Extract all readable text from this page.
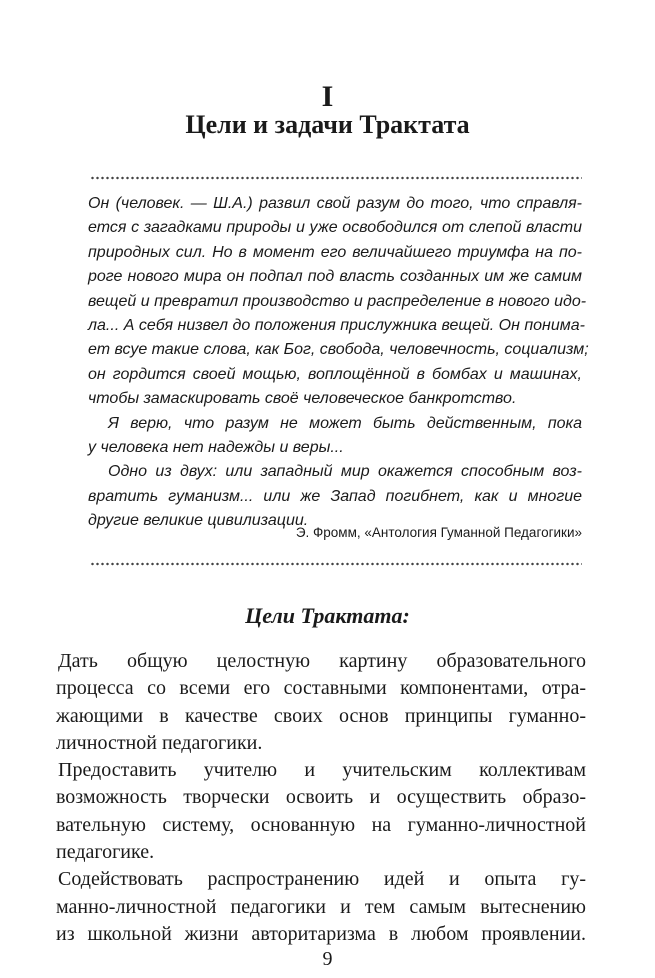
I
Цели и задачи Трактата
Он (человек. — Ш.А.) развил свой разум до того, что справля-
ется с загадками природы и уже освободился от слепой власти
природных сил. Но в момент его величайшего триумфа на по-
роге нового мира он подпал под власть созданных им же самим
вещей и превратил производство и распределение в нового идо-
ла... А себя низвел до положения прислужника вещей. Он понима-
ет всуе такие слова, как Бог, свобода, человечность, социализм;
он гордится своей мощью, воплощённой в бомбах и машинах,
чтобы замаскировать своё человеческое банкротство.
Я верю, что разум не может быть действенным, пока
у человека нет надежды и веры...
Одно из двух: или западный мир окажется способным воз-
вратить гуманизм... или же Запад погибнет, как и многие
другие великие цивилизации.
Э. Фромм, «Антология Гуманной Педагогики»
Цели Трактата:
Дать общую целостную картину образовательного
процесса со всеми его составными компонентами, отра-
жающими в качестве своих основ принципы гуманно-
личностной педагогики.
Предоставить учителю и учительским коллективам
возможность творчески освоить и осуществить образо-
вательную систему, основанную на гуманно-личностной
педагогике.
Содействовать распространению идей и опыта гу-
манно-личностной педагогики и тем самым вытеснению
из школьной жизни авторитаризма в любом проявлении.
9
